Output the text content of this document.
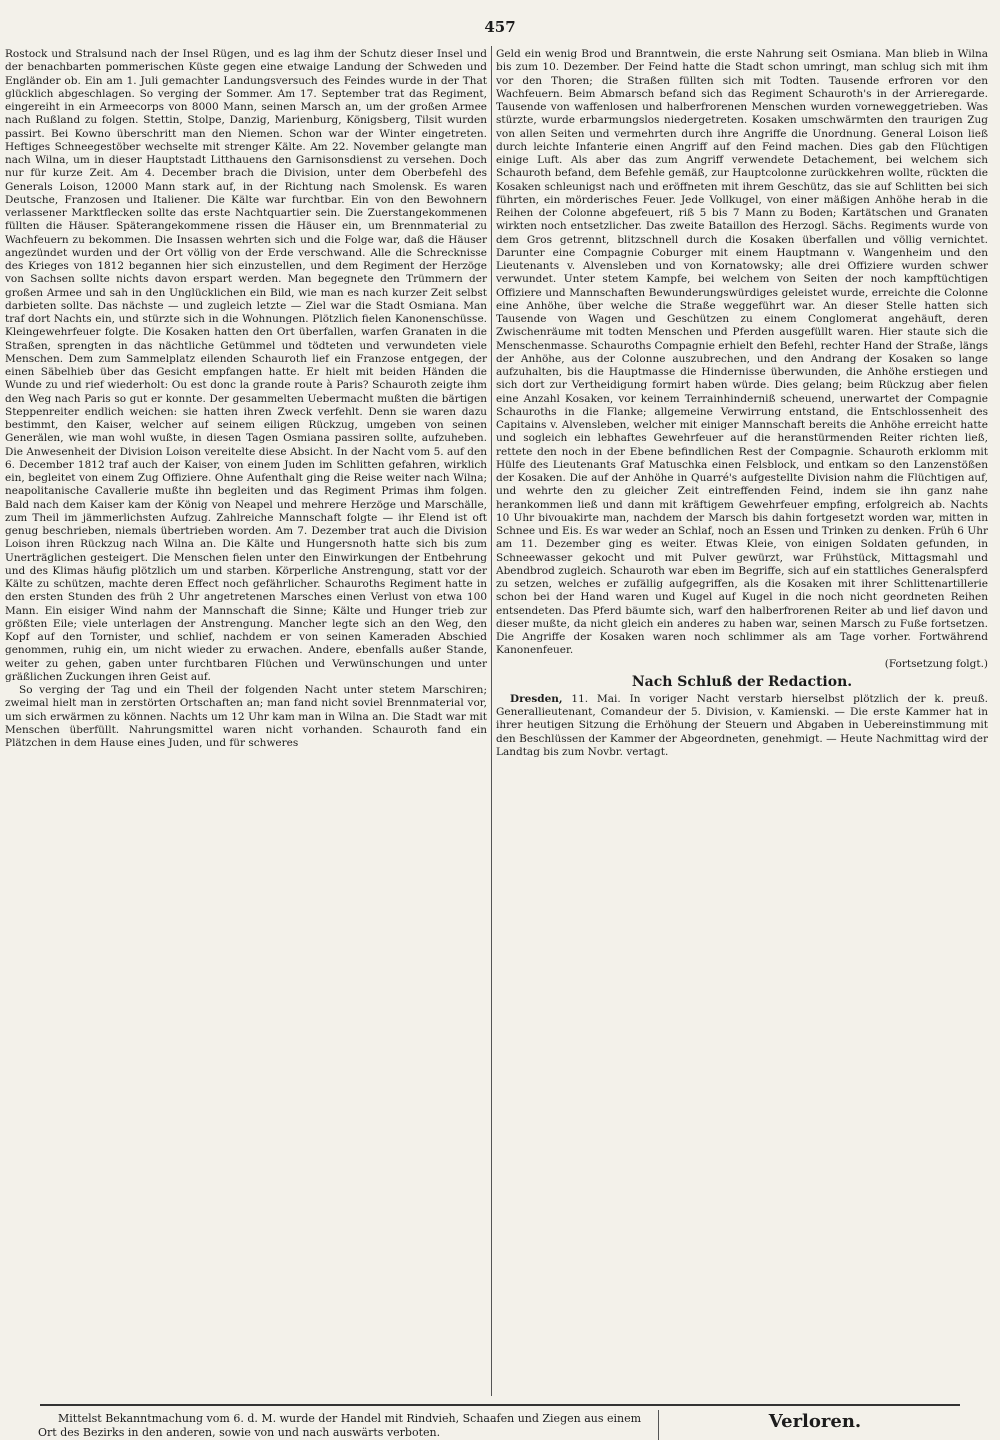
457

Rostock und Stralsund nach der Insel Rügen, und es lag ihm der Schutz dieser Insel und der benachbarten pommerischen Küste gegen eine etwaige Landung der Schweden und Engländer ob. Ein am 1. Juli gemachter Landungsversuch des Feindes wurde in der That glücklich abgeschlagen. So verging der Sommer. Am 17. September trat das Regiment, eingereiht in ein Armeecorps von 8000 Mann, seinen Marsch an, um der großen Armee nach Rußland zu folgen. Stettin, Stolpe, Danzig, Marienburg, Königsberg, Tilsit wurden passirt. Bei Kowno überschritt man den Niemen. Schon war der Winter eingetreten. Heftiges Schneegestöber wechselte mit strenger Kälte. Am 22. November gelangte man nach Wilna, um in dieser Hauptstadt Litthauens den Garnisonsdienst zu versehen. Doch nur für kurze Zeit. Am 4. December brach die Division, unter dem Oberbefehl des Generals Loison, 12000 Mann stark auf, in der Richtung nach Smolensk. Es waren Deutsche, Franzosen und Italiener. Die Kälte war furchtbar. Ein von den Bewohnern verlassener Marktflecken sollte das erste Nachtquartier sein. Die Zuerstangekommenen füllten die Häuser. Späterangekommene rissen die Häuser ein, um Brennmaterial zu Wachfeuern zu bekommen. Die Insassen wehrten sich und die Folge war, daß die Häuser angezündet wurden und der Ort völlig von der Erde verschwand. Alle die Schrecknisse des Krieges von 1812 begannen hier sich einzustellen, und dem Regiment der Herzöge von Sachsen sollte nichts davon erspart werden. Man begegnete den Trümmern der großen Armee und sah in den Unglücklichen ein Bild, wie man es nach kurzer Zeit selbst darbieten sollte. Das nächste — und zugleich letzte — Ziel war die Stadt Osmiana. Man traf dort Nachts ein, und stürzte sich in die Wohnungen. Plötzlich fielen Kanonenschüsse. Kleingewehrfeuer folgte. Die Kosaken hatten den Ort überfallen, warfen Granaten in die Straßen, sprengten in das nächtliche Getümmel und tödteten und verwundeten viele Menschen. Dem zum Sammelplatz eilenden Schauroth lief ein Franzose entgegen, der einen Säbelhieb über das Gesicht empfangen hatte. Er hielt mit beiden Händen die Wunde zu und rief wiederholt: Ou est donc la grande route à Paris? Schauroth zeigte ihm den Weg nach Paris so gut er konnte. Der gesammelten Uebermacht mußten die bärtigen Steppenreiter endlich weichen: sie hatten ihren Zweck verfehlt. Denn sie waren dazu bestimmt, den Kaiser, welcher auf seinem eiligen Rückzug, umgeben von seinen Generälen, wie man wohl wußte, in diesen Tagen Osmiana passiren sollte, aufzuheben. Die Anwesenheit der Division Loison vereitelte diese Absicht. In der Nacht vom 5. auf den 6. December 1812 traf auch der Kaiser, von einem Juden im Schlitten gefahren, wirklich ein, begleitet von einem Zug Offiziere. Ohne Aufenthalt ging die Reise weiter nach Wilna; neapolitanische Cavallerie mußte ihn begleiten und das Regiment Primas ihm folgen. Bald nach dem Kaiser kam der König von Neapel und mehrere Herzöge und Marschälle, zum Theil im jämmerlichsten Aufzug. Zahlreiche Mannschaft folgte — ihr Elend ist oft genug beschrieben, niemals übertrieben worden. Am 7. Dezember trat auch die Division Loison ihren Rückzug nach Wilna an. Die Kälte und Hungersnoth hatte sich bis zum Unerträglichen gesteigert. Die Menschen fielen unter den Einwirkungen der Entbehrung und des Klimas häufig plötzlich um und starben. Körperliche Anstrengung, statt vor der Kälte zu schützen, machte deren Effect noch gefährlicher. Schauroths Regiment hatte in den ersten Stunden des früh 2 Uhr angetretenen Marsches einen Verlust von etwa 100 Mann. Ein eisiger Wind nahm der Mannschaft die Sinne; Kälte und Hunger trieb zur größten Eile; viele unterlagen der Anstrengung. Mancher legte sich an den Weg, den Kopf auf den Tornister, und schlief, nachdem er von seinen Kameraden Abschied genommen, ruhig ein, um nicht wieder zu erwachen. Andere, ebenfalls außer Stande, weiter zu gehen, gaben unter furchtbaren Flüchen und Verwünschungen und unter gräßlichen Zuckungen ihren Geist auf.

So verging der Tag und ein Theil der folgenden Nacht unter stetem Marschiren; zweimal hielt man in zerstörten Ortschaften an; man fand nicht soviel Brennmaterial vor, um sich erwärmen zu können. Nachts um 12 Uhr kam man in Wilna an. Die Stadt war mit Menschen überfüllt. Nahrungsmittel waren nicht vorhanden. Schauroth fand ein Plätzchen in dem Hause eines Juden, und für schweres

Geld ein wenig Brod und Branntwein, die erste Nahrung seit Osmiana. Man blieb in Wilna bis zum 10. Dezember. Der Feind hatte die Stadt schon umringt, man schlug sich mit ihm vor den Thoren; die Straßen füllten sich mit Todten. Tausende erfroren vor den Wachfeuern. Beim Abmarsch befand sich das Regiment Schauroth's in der Arrieregarde. Tausende von waffenlosen und halberfrorenen Menschen wurden vorneweggetrieben. Was stürzte, wurde erbarmungslos niedergetreten. Kosaken umschwärmten den traurigen Zug von allen Seiten und vermehrten durch ihre Angriffe die Unordnung. General Loison ließ durch leichte Infanterie einen Angriff auf den Feind machen. Dies gab den Flüchtigen einige Luft. Als aber das zum Angriff verwendete Detachement, bei welchem sich Schauroth befand, dem Befehle gemäß, zur Hauptcolonne zurückkehren wollte, rückten die Kosaken schleunigst nach und eröffneten mit ihrem Geschütz, das sie auf Schlitten bei sich führten, ein mörderisches Feuer. Jede Vollkugel, von einer mäßigen Anhöhe herab in die Reihen der Colonne abgefeuert, riß 5 bis 7 Mann zu Boden; Kartätschen und Granaten wirkten noch entsetzlicher. Das zweite Bataillon des Herzogl. Sächs. Regiments wurde von dem Gros getrennt, blitzschnell durch die Kosaken überfallen und völlig vernichtet. Darunter eine Compagnie Coburger mit einem Hauptmann v. Wangenheim und den Lieutenants v. Alvensleben und von Kornatowsky; alle drei Offiziere wurden schwer verwundet. Unter stetem Kampfe, bei welchem von Seiten der noch kampftüchtigen Offiziere und Mannschaften Bewunderungswürdiges geleistet wurde, erreichte die Colonne eine Anhöhe, über welche die Straße weggeführt war. An dieser Stelle hatten sich Tausende von Wagen und Geschützen zu einem Conglomerat angehäuft, deren Zwischenräume mit todten Menschen und Pferden ausgefüllt waren. Hier staute sich die Menschenmasse. Schauroths Compagnie erhielt den Befehl, rechter Hand der Straße, längs der Anhöhe, aus der Colonne auszubrechen, und den Andrang der Kosaken so lange aufzuhalten, bis die Hauptmasse die Hindernisse überwunden, die Anhöhe erstiegen und sich dort zur Vertheidigung formirt haben würde. Dies gelang; beim Rückzug aber fielen eine Anzahl Kosaken, vor keinem Terrainhinderniß scheuend, unerwartet der Compagnie Schauroths in die Flanke; allgemeine Verwirrung entstand, die Entschlossenheit des Capitains v. Alvensleben, welcher mit einiger Mannschaft bereits die Anhöhe erreicht hatte und sogleich ein lebhaftes Gewehrfeuer auf die heranstürmenden Reiter richten ließ, rettete den noch in der Ebene befindlichen Rest der Compagnie. Schauroth erklomm mit Hülfe des Lieutenants Graf Matuschka einen Felsblock, und entkam so den Lanzenstößen der Kosaken. Die auf der Anhöhe in Quarré's aufgestellte Division nahm die Flüchtigen auf, und wehrte den zu gleicher Zeit eintreffenden Feind, indem sie ihn ganz nahe herankommen ließ und dann mit kräftigem Gewehrfeuer empfing, erfolgreich ab. Nachts 10 Uhr bivouakirte man, nachdem der Marsch bis dahin fortgesetzt worden war, mitten in Schnee und Eis. Es war weder an Schlaf, noch an Essen und Trinken zu denken. Früh 6 Uhr am 11. Dezember ging es weiter. Etwas Kleie, von einigen Soldaten gefunden, in Schneewasser gekocht und mit Pulver gewürzt, war Frühstück, Mittagsmahl und Abendbrod zugleich. Schauroth war eben im Begriffe, sich auf ein stattliches Generalspferd zu setzen, welches er zufällig aufgegriffen, als die Kosaken mit ihrer Schlittenartillerie schon bei der Hand waren und Kugel auf Kugel in die noch nicht geordneten Reihen entsendeten. Das Pferd bäumte sich, warf den halberfrorenen Reiter ab und lief davon und dieser mußte, da nicht gleich ein anderes zu haben war, seinen Marsch zu Fuße fortsetzen. Die Angriffe der Kosaken waren noch schlimmer als am Tage vorher. Fortwährend Kanonenfeuer.

(Fortsetzung folgt.)

Nach Schluß der Redaction.

Dresden, 11. Mai. In voriger Nacht verstarb hierselbst plötzlich der k. preuß. Generallieutenant, Comandeur der 5. Division, v. Kamienski. — Die erste Kammer hat in ihrer heutigen Sitzung die Erhöhung der Steuern und Abgaben in Uebereinstimmung mit den Beschlüssen der Kammer der Abgeordneten, genehmigt. — Heute Nachmittag wird der Landtag bis zum Novbr. vertagt.

Mittelst Bekanntmachung vom 6. d. M. wurde der Handel mit Rindvieh, Schaafen und Ziegen aus einem Ort des Bezirks in den anderen, sowie von und nach auswärts verboten.

Verloren.
